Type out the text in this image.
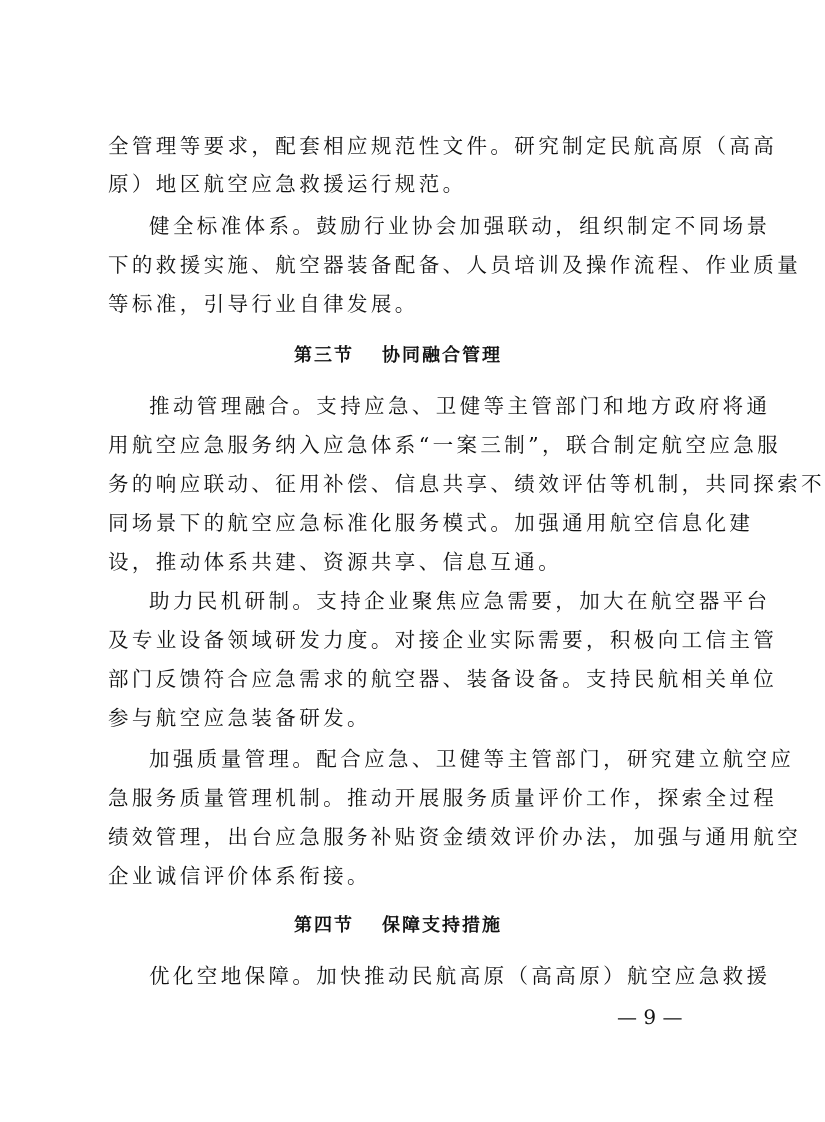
全管理等要求，配套相应规范性文件。研究制定民航高原（高高
原）地区航空应急救援运行规范。
健全标准体系。鼓励行业协会加强联动，组织制定不同场景
下的救援实施、航空器装备配备、人员培训及操作流程、作业质量
等标准，引导行业自律发展。
第三节 协同融合管理
推动管理融合。支持应急、卫健等主管部门和地方政府将通
用航空应急服务纳入应急体系“一案三制”，联合制定航空应急服
务的响应联动、征用补偿、信息共享、绩效评估等机制，共同探索不
同场景下的航空应急标准化服务模式。加强通用航空信息化建
设，推动体系共建、资源共享、信息互通。
助力民机研制。支持企业聚焦应急需要，加大在航空器平台
及专业设备领域研发力度。对接企业实际需要，积极向工信主管
部门反馈符合应急需求的航空器、装备设备。支持民航相关单位
参与航空应急装备研发。
加强质量管理。配合应急、卫健等主管部门，研究建立航空应
急服务质量管理机制。推动开展服务质量评价工作，探索全过程
绩效管理，出台应急服务补贴资金绩效评价办法，加强与通用航空
企业诚信评价体系衔接。
第四节 保障支持措施
优化空地保障。加快推动民航高原（高高原）航空应急救援
— 9 —
